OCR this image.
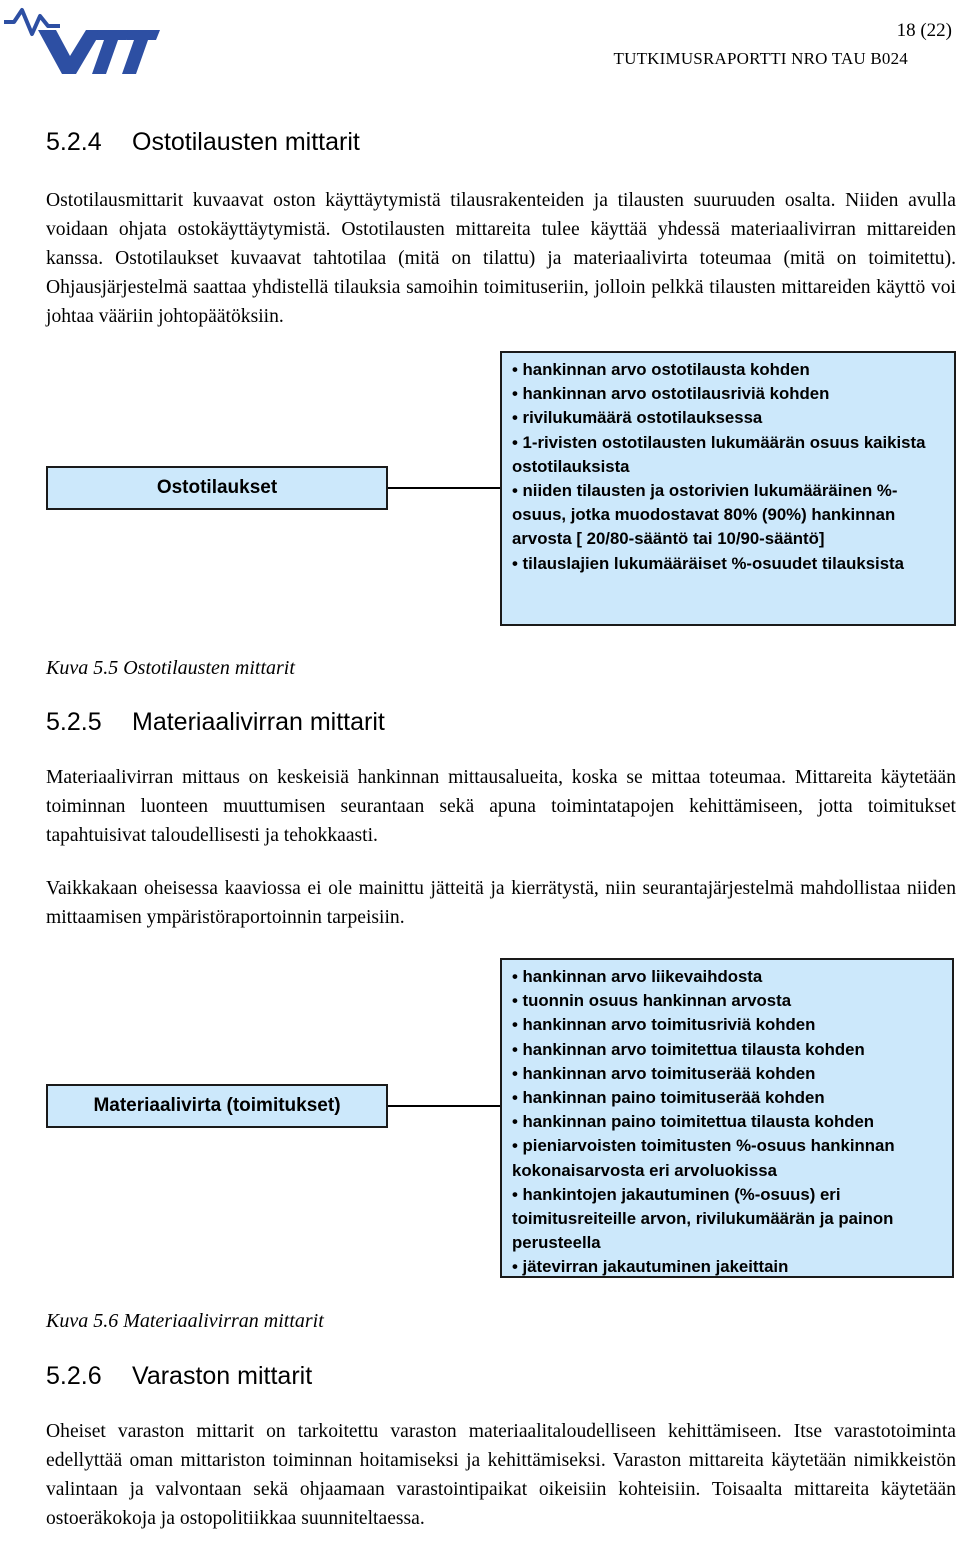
18 (22)
TUTKIMUSRAPORTTI NRO TAU B024
5.2.4 Ostotilausten mittarit
Ostotilausmittarit kuvaavat oston käyttäytymistä tilausrakenteiden ja tilausten suuruuden osalta. Niiden avulla voidaan ohjata ostokäyttäytymistä. Ostotilausten mittareita tulee käyttää yhdessä materiaalivirran mittareiden kanssa. Ostotilaukset kuvaavat tahtotilaa (mitä on tilattu) ja materiaalivirta toteumaa (mitä on toimitettu). Ohjausjärjestelmä saattaa yhdistellä tilauksia samoihin toimituseriin, jolloin pelkkä tilausten mittareiden käyttö voi johtaa vääriin johtopäätöksiin.
Ostotilaukset
• hankinnan arvo ostotilausta kohden
• hankinnan arvo ostotilausriviä kohden
• rivilukumäärä ostotilauksessa
• 1-rivisten ostotilausten lukumäärän osuus kaikista ostotilauksista
• niiden tilausten ja ostorivien lukumääräinen %-osuus, jotka muodostavat 80% (90%) hankinnan arvosta [ 20/80-sääntö tai 10/90-sääntö]
• tilauslajien lukumääräiset %-osuudet tilauksista
Kuva 5.5 Ostotilausten mittarit
5.2.5 Materiaalivirran mittarit
Materiaalivirran mittaus on keskeisiä hankinnan mittausalueita, koska se mittaa toteumaa. Mittareita käytetään toiminnan luonteen muuttumisen seurantaan sekä apuna toimintatapojen kehittämiseen, jotta toimitukset tapahtuisivat taloudellisesti ja tehokkaasti.
Vaikkakaan oheisessa kaaviossa ei ole mainittu jätteitä ja kierrätystä, niin seurantajärjestelmä mahdollistaa niiden mittaamisen ympäristöraportoinnin tarpeisiin.
Materiaalivirta (toimitukset)
• hankinnan arvo liikevaihdosta
• tuonnin osuus hankinnan arvosta
• hankinnan arvo toimitusriviä kohden
• hankinnan arvo toimitettua tilausta kohden
• hankinnan arvo toimituserää kohden
• hankinnan paino toimituserää kohden
• hankinnan paino toimitettua tilausta kohden
• pieniarvoisten toimitusten %-osuus hankinnan kokonaisarvosta eri arvoluokissa
• hankintojen jakautuminen (%-osuus) eri toimitusreiteille arvon, rivilukumäärän ja painon perusteella
• jätevirran jakautuminen jakeittain
Kuva 5.6 Materiaalivirran mittarit
5.2.6 Varaston mittarit
Oheiset varaston mittarit on tarkoitettu varaston materiaalitaloudelliseen kehittämiseen. Itse varastotoiminta edellyttää oman mittariston toiminnan hoitamiseksi ja kehittämiseksi. Varaston mittareita käytetään nimikkeistön valintaan ja valvontaan sekä ohjaamaan varastointipaikat oikeisiin kohteisiin. Toisaalta mittareita käytetään ostoeräkokoja ja ostopolitiikkaa suunniteltaessa.
